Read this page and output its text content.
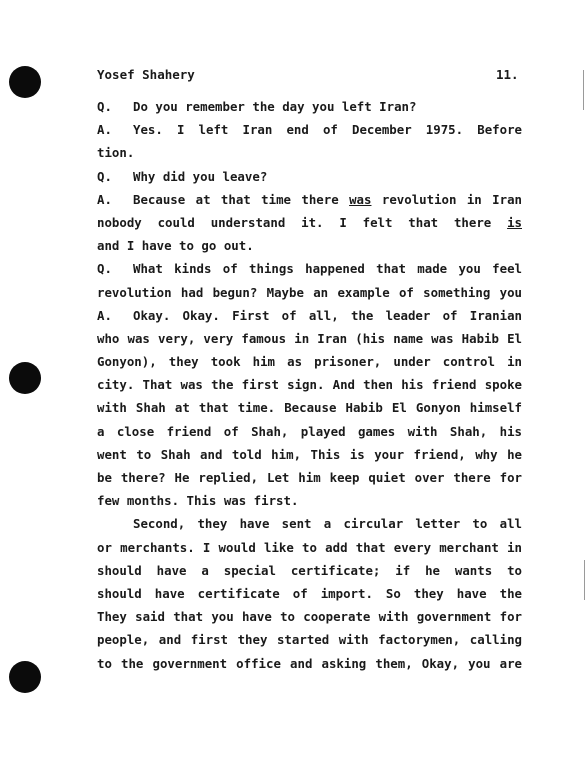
Yosef Shahery	11.
Q. Do you remember the day you left Iran?
A. Yes. I left Iran end of December 1975. Before
tion.
Q. Why did you leave?
A. Because at that time there was revolution in Iran
nobody could understand it. I felt that there is
and I have to go out.
Q. What kinds of things happened that made you feel
revolution had begun? Maybe an example of something you
A. Okay. Okay. First of all, the leader of Iranian
who was very, very famous in Iran (his name was Habib El
Gonyon), they took him as prisoner, under control in
city. That was the first sign. And then his friend spoke
with Shah at that time. Because Habib El Gonyon himself
a close friend of Shah, played games with Shah, his
went to Shah and told him, This is your friend, why he
be there? He replied, Let him keep quiet over there for
few months. This was first.
Second, they have sent a circular letter to all
or merchants. I would like to add that every merchant in
should have a special certificate; if he wants to
should have certificate of import. So they have the
They said that you have to cooperate with government for
people, and first they started with factorymen, calling
to the government office and asking them, Okay, you are
